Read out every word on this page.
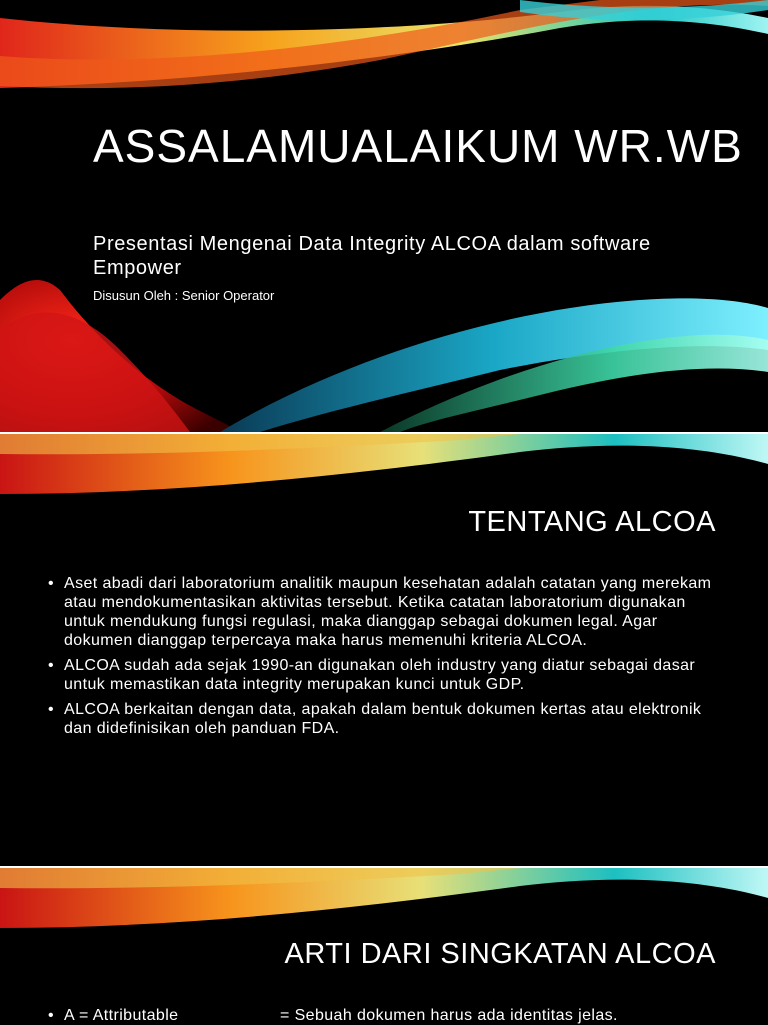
ASSALAMUALAIKUM WR.WB
Presentasi Mengenai Data Integrity ALCOA dalam software Empower
Disusun Oleh : Senior Operator
TENTANG ALCOA
• Aset abadi dari laboratorium analitik maupun kesehatan adalah catatan yang merekam atau mendokumentasikan aktivitas tersebut. Ketika catatan laboratorium digunakan untuk mendukung fungsi regulasi, maka dianggap sebagai dokumen legal. Agar dokumen dianggap terpercaya maka harus memenuhi kriteria ALCOA.
• ALCOA sudah ada sejak 1990-an digunakan oleh industry yang diatur sebagai dasar untuk memastikan data integrity merupakan kunci untuk GDP.
• ALCOA berkaitan dengan data, apakah dalam bentuk dokumen kertas atau elektronik dan didefinisikan oleh panduan FDA.
ARTI DARI SINGKATAN ALCOA
• A = Attributable	= Sebuah dokumen harus ada identitas jelas.
